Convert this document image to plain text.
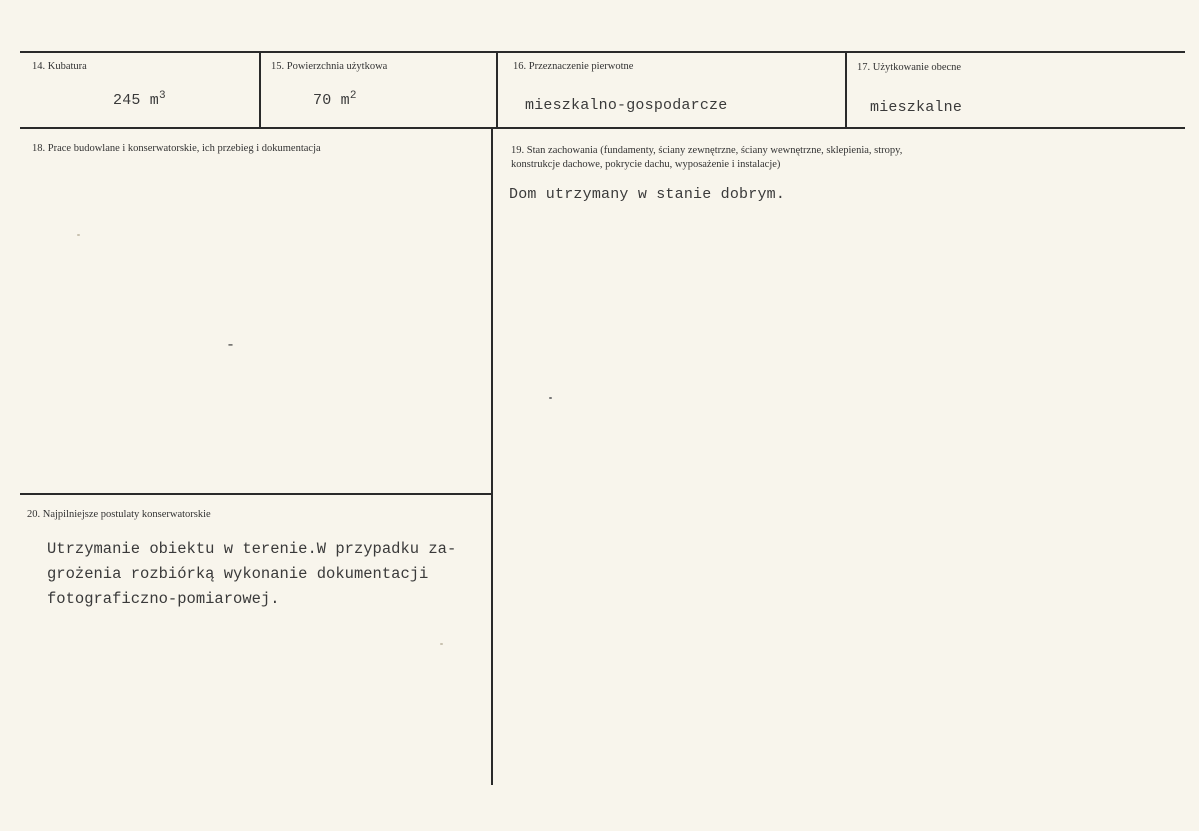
14. Kubatura
245 $m^3$
15. Powierzchnia użytkowa
70 $m^2$
16. Przeznaczenie pierwotne
mieszkalno-gospodarcze
17. Użytkowanie obecne
mieszkalne
18. Prace budowlane i konserwatorskie, ich przebieg i dokumentacja
-
19. Stan zachowania (fundamenty, ściany zewnętrzne, ściany wewnętrzne, sklepienia, stropy,
konstrukcje dachowe, pokrycie dachu, wyposażenie i instalacje)
Dom utrzymany w stanie dobrym.
20. Najpilniejsze postulaty konserwatorskie
Utrzymanie obiektu w terenie.W przypadku za-
grożenia rozbiórką wykonanie dokumentacji
fotograficzno-pomiarowej.
